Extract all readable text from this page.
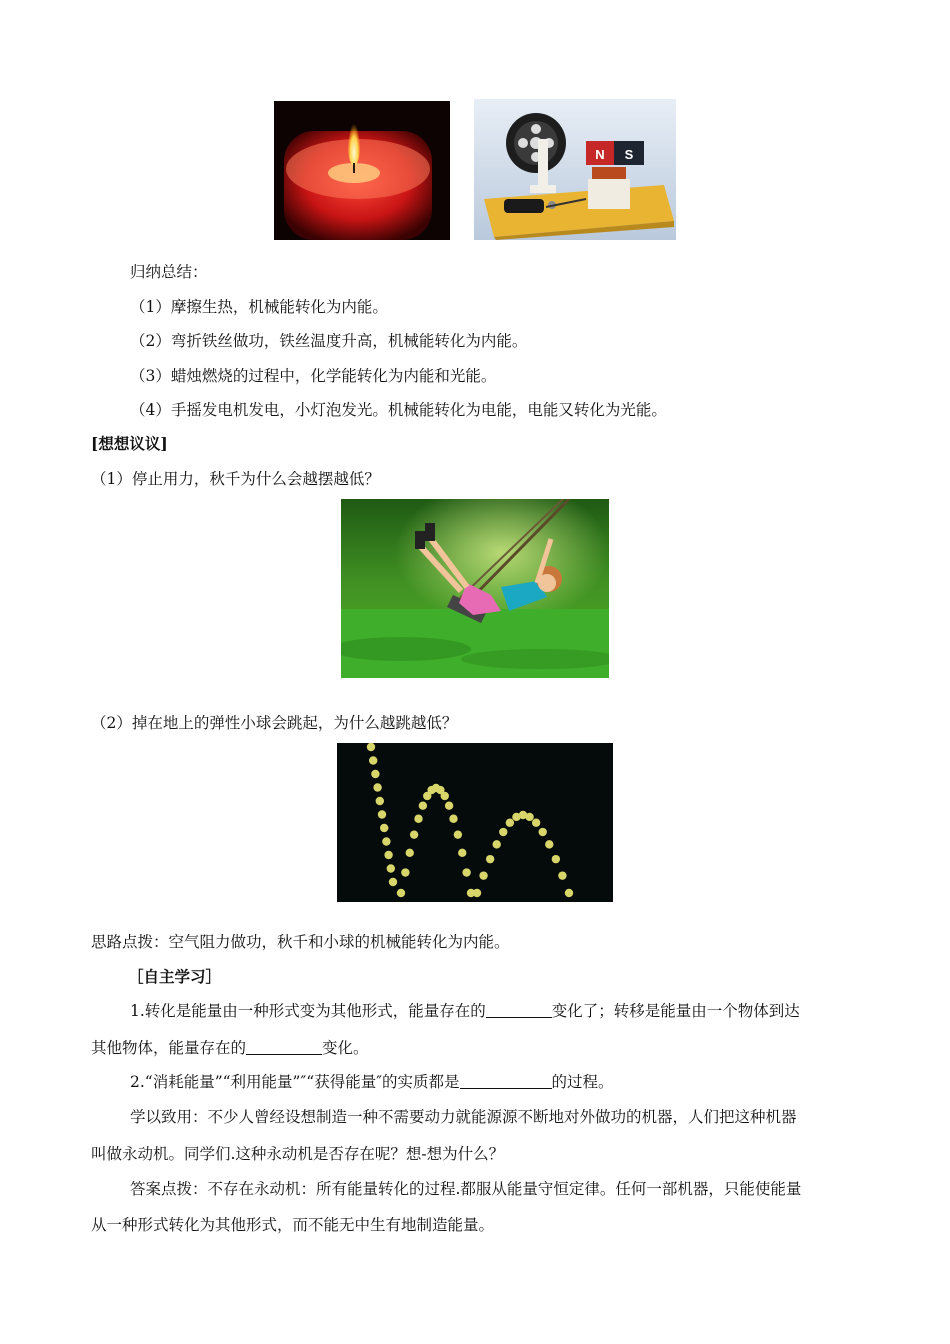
N S
归纳总结：
（1）摩擦生热，机械能转化为内能。
（2）弯折铁丝做功，铁丝温度升高，机械能转化为内能。
（3）蜡烛燃烧的过程中，化学能转化为内能和光能。
（4）手摇发电机发电，小灯泡发光。机械能转化为电能，电能又转化为光能。
[想想议议]
（1）停止用力，秋千为什么会越摆越低？
（2）掉在地上的弹性小球会跳起，为什么越跳越低？
思路点拨：空气阻力做功，秋千和小球的机械能转化为内能。
［自主学习］
1.转化是能量由一种形式变为其他形式，能量存在的	变化了；转移是能量由一个物体到达
其他物体，能量存在的	变化。
2.“消耗能量”“利用能量”″“获得能量″的实质都是	的过程。
学以致用：不少人曾经设想制造一种不需要动力就能源源不断地对外做功的机器，人们把这种机器
叫做永动机。同学们.这种永动机是否存在呢？想-想为什么？
答案点拨：不存在永动机：所有能量转化的过程.都服从能量守恒定律。任何一部机器，只能使能量
从一种形式转化为其他形式，而不能无中生有地制造能量。
